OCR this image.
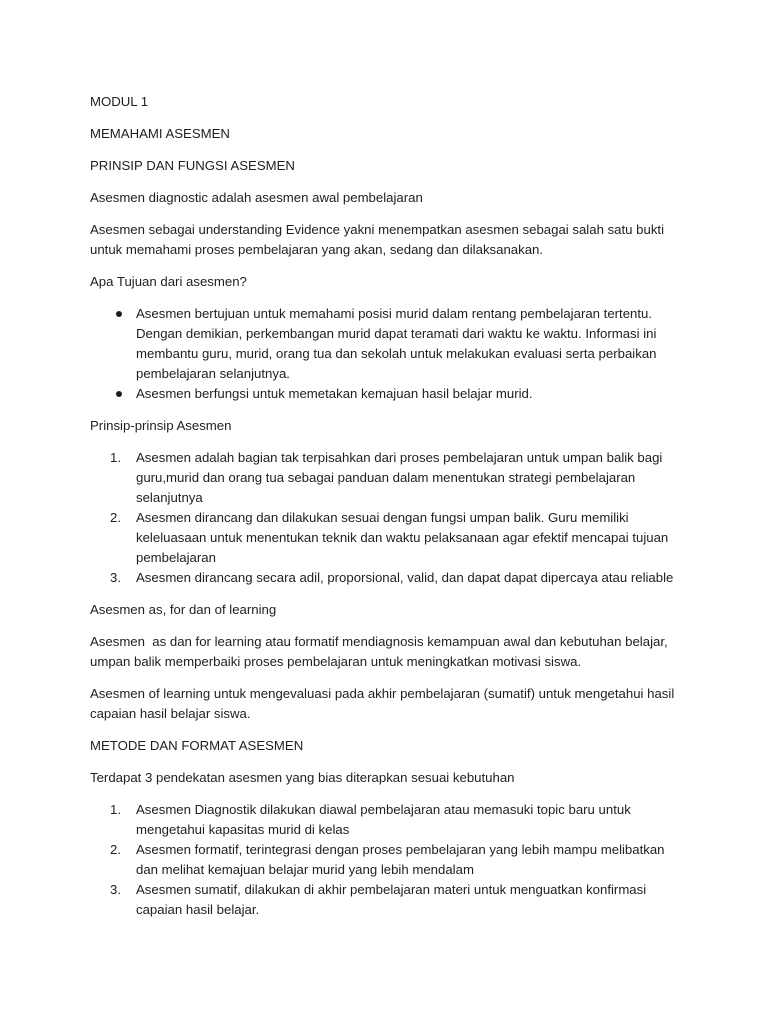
MODUL 1

MEMAHAMI ASESMEN

PRINSIP DAN FUNGSI ASESMEN

Asesmen diagnostic adalah asesmen awal pembelajaran

Asesmen sebagai understanding Evidence yakni menempatkan asesmen sebagai salah satu bukti untuk memahami proses pembelajaran yang akan, sedang dan dilaksanakan.

Apa Tujuan dari asesmen?

Asesmen bertujuan untuk memahami posisi murid dalam rentang pembelajaran tertentu. Dengan demikian, perkembangan murid dapat teramati dari waktu ke waktu. Informasi ini membantu guru, murid, orang tua dan sekolah untuk melakukan evaluasi serta perbaikan pembelajaran selanjutnya.
Asesmen berfungsi untuk memetakan kemajuan hasil belajar murid.

Prinsip-prinsip Asesmen

1.	Asesmen adalah bagian tak terpisahkan dari proses pembelajaran untuk umpan balik bagi guru,murid dan orang tua sebagai panduan dalam menentukan strategi pembelajaran selanjutnya
2.	Asesmen dirancang dan dilakukan sesuai dengan fungsi umpan balik. Guru memiliki keleluasaan untuk menentukan teknik dan waktu pelaksanaan agar efektif mencapai tujuan pembelajaran
3.	Asesmen dirancang secara adil, proporsional, valid, dan dapat dapat dipercaya atau reliable

Asesmen as, for dan of learning

Asesmen  as dan for learning atau formatif mendiagnosis kemampuan awal dan kebutuhan belajar, umpan balik memperbaiki proses pembelajaran untuk meningkatkan motivasi siswa.

Asesmen of learning untuk mengevaluasi pada akhir pembelajaran (sumatif) untuk mengetahui hasil capaian hasil belajar siswa.

METODE DAN FORMAT ASESMEN

Terdapat 3 pendekatan asesmen yang bias diterapkan sesuai kebutuhan

1.	Asesmen Diagnostik dilakukan diawal pembelajaran atau memasuki topic baru untuk mengetahui kapasitas murid di kelas
2.	Asesmen formatif, terintegrasi dengan proses pembelajaran yang lebih mampu melibatkan dan melihat kemajuan belajar murid yang lebih mendalam
3.	Asesmen sumatif, dilakukan di akhir pembelajaran materi untuk menguatkan konfirmasi capaian hasil belajar.
